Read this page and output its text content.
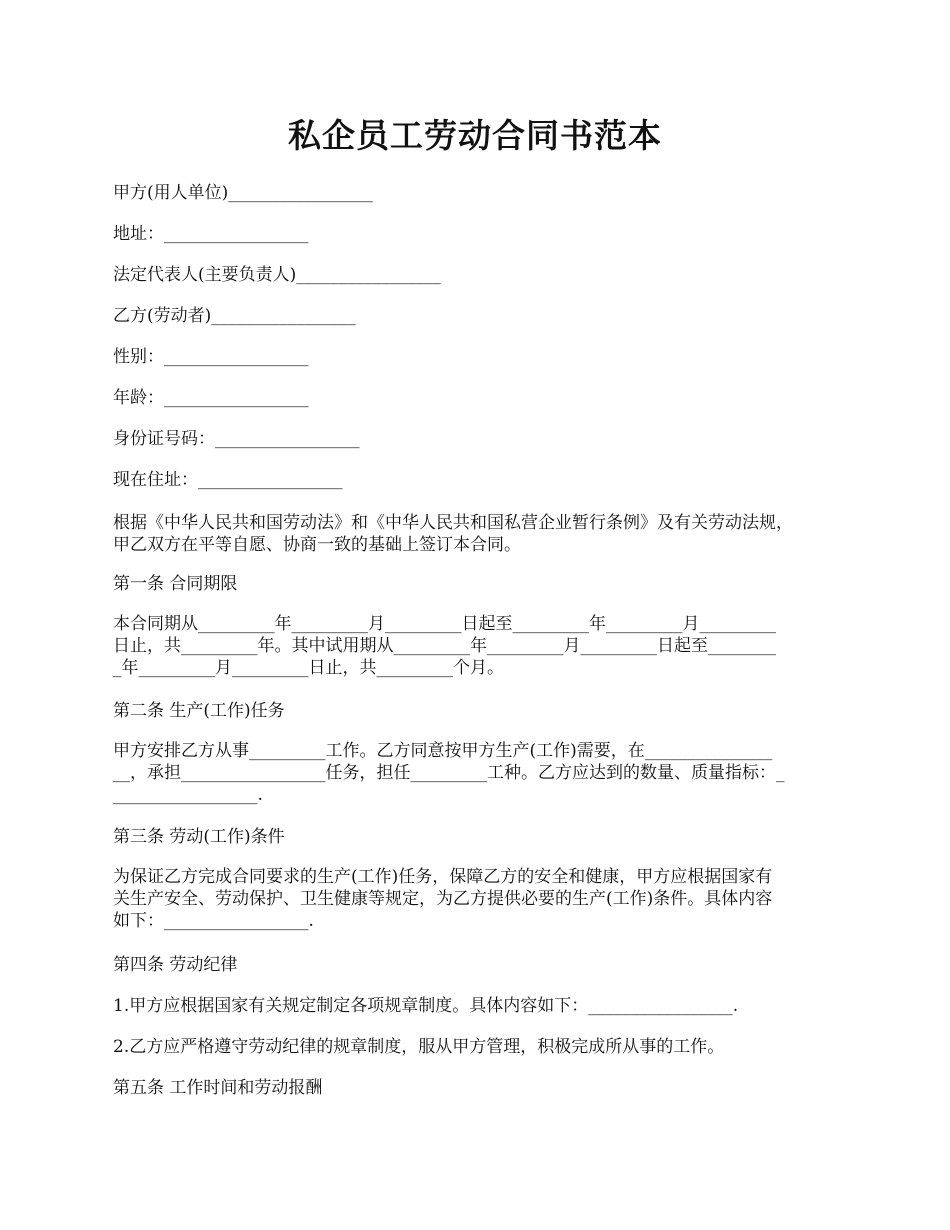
私企员工劳动合同书范本
甲方(用人单位)_________________
地址：_________________
法定代表人(主要负责人)_________________
乙方(劳动者)_________________
性别：_________________
年龄：_________________
身份证号码：_________________
现在住址：_________________
根据《中华人民共和国劳动法》和《中华人民共和国私营企业暂行条例》及有关劳动法规，
甲乙双方在平等自愿、协商一致的基础上签订本合同。
第一条 合同期限
本合同期从_________年_________月_________日起至_________年_________月_________
日止，共_________年。其中试用期从_________年_________月_________日起至________
_年_________月_________日止，共_________个月。
第二条 生产(工作)任务
甲方安排乙方从事_________工作。乙方同意按甲方生产(工作)需要，在_______________
__，承担_________________任务，担任_________工种。乙方应达到的数量、质量指标：_
_________________.
第三条 劳动(工作)条件
为保证乙方完成合同要求的生产(工作)任务，保障乙方的安全和健康，甲方应根据国家有
关生产安全、劳动保护、卫生健康等规定，为乙方提供必要的生产(工作)条件。具体内容
如下：_________________.
第四条 劳动纪律
1.甲方应根据国家有关规定制定各项规章制度。具体内容如下：_________________.
2.乙方应严格遵守劳动纪律的规章制度，服从甲方管理，积极完成所从事的工作。
第五条 工作时间和劳动报酬
